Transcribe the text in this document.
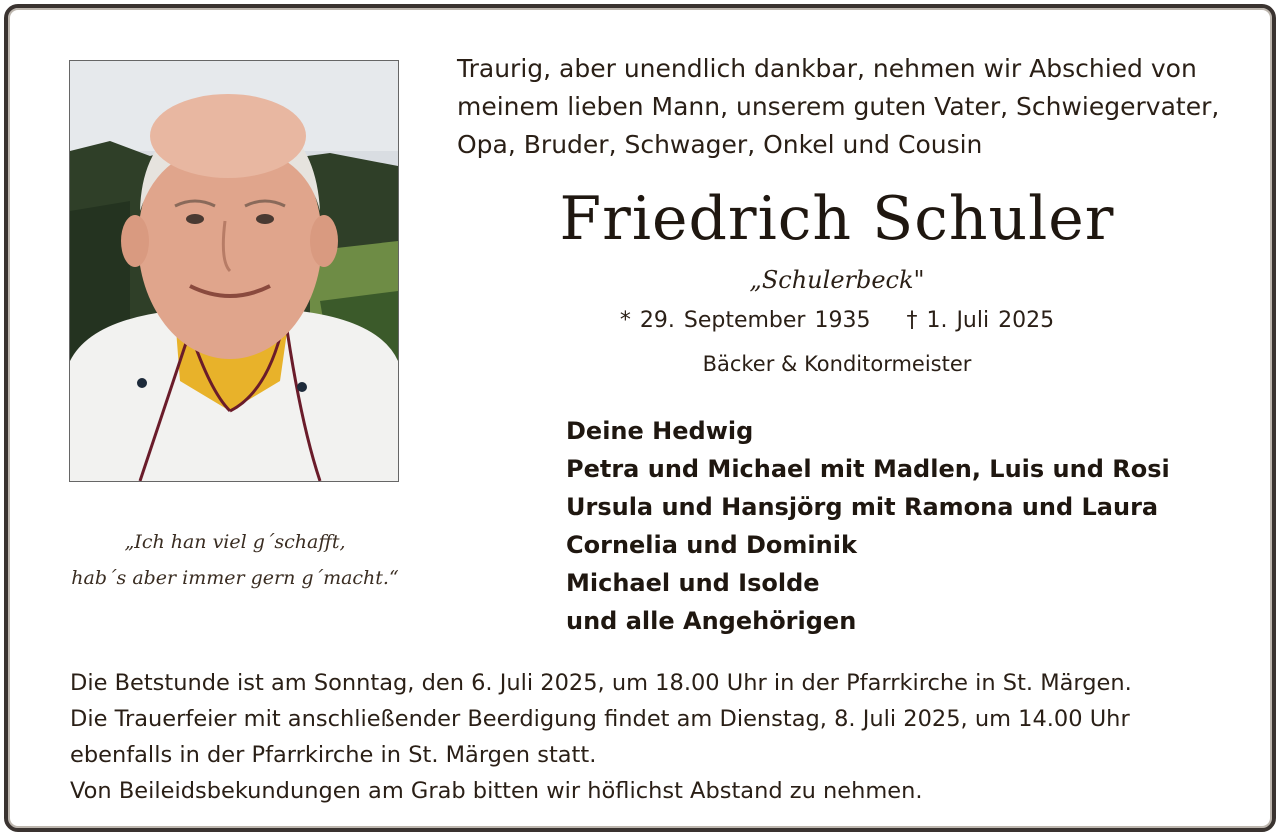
„Ich han viel g´schafft,
hab´s aber immer gern g´macht.“
Traurig, aber unendlich dankbar, nehmen wir Abschied von
meinem lieben Mann, unserem guten Vater, Schwiegervater,
Opa, Bruder, Schwager, Onkel und Cousin
Friedrich Schuler
„Schulerbeck"
* 29. September 1935 † 1. Juli 2025
Bäcker & Konditormeister
Deine Hedwig
Petra und Michael mit Madlen, Luis und Rosi
Ursula und Hansjörg mit Ramona und Laura
Cornelia und Dominik
Michael und Isolde
und alle Angehörigen
Die Betstunde ist am Sonntag, den 6. Juli 2025, um 18.00 Uhr in der Pfarrkirche in St. Märgen.
Die Trauerfeier mit anschließender Beerdigung findet am Dienstag, 8. Juli 2025, um 14.00 Uhr
ebenfalls in der Pfarrkirche in St. Märgen statt.
Von Beileidsbekundungen am Grab bitten wir höflichst Abstand zu nehmen.
